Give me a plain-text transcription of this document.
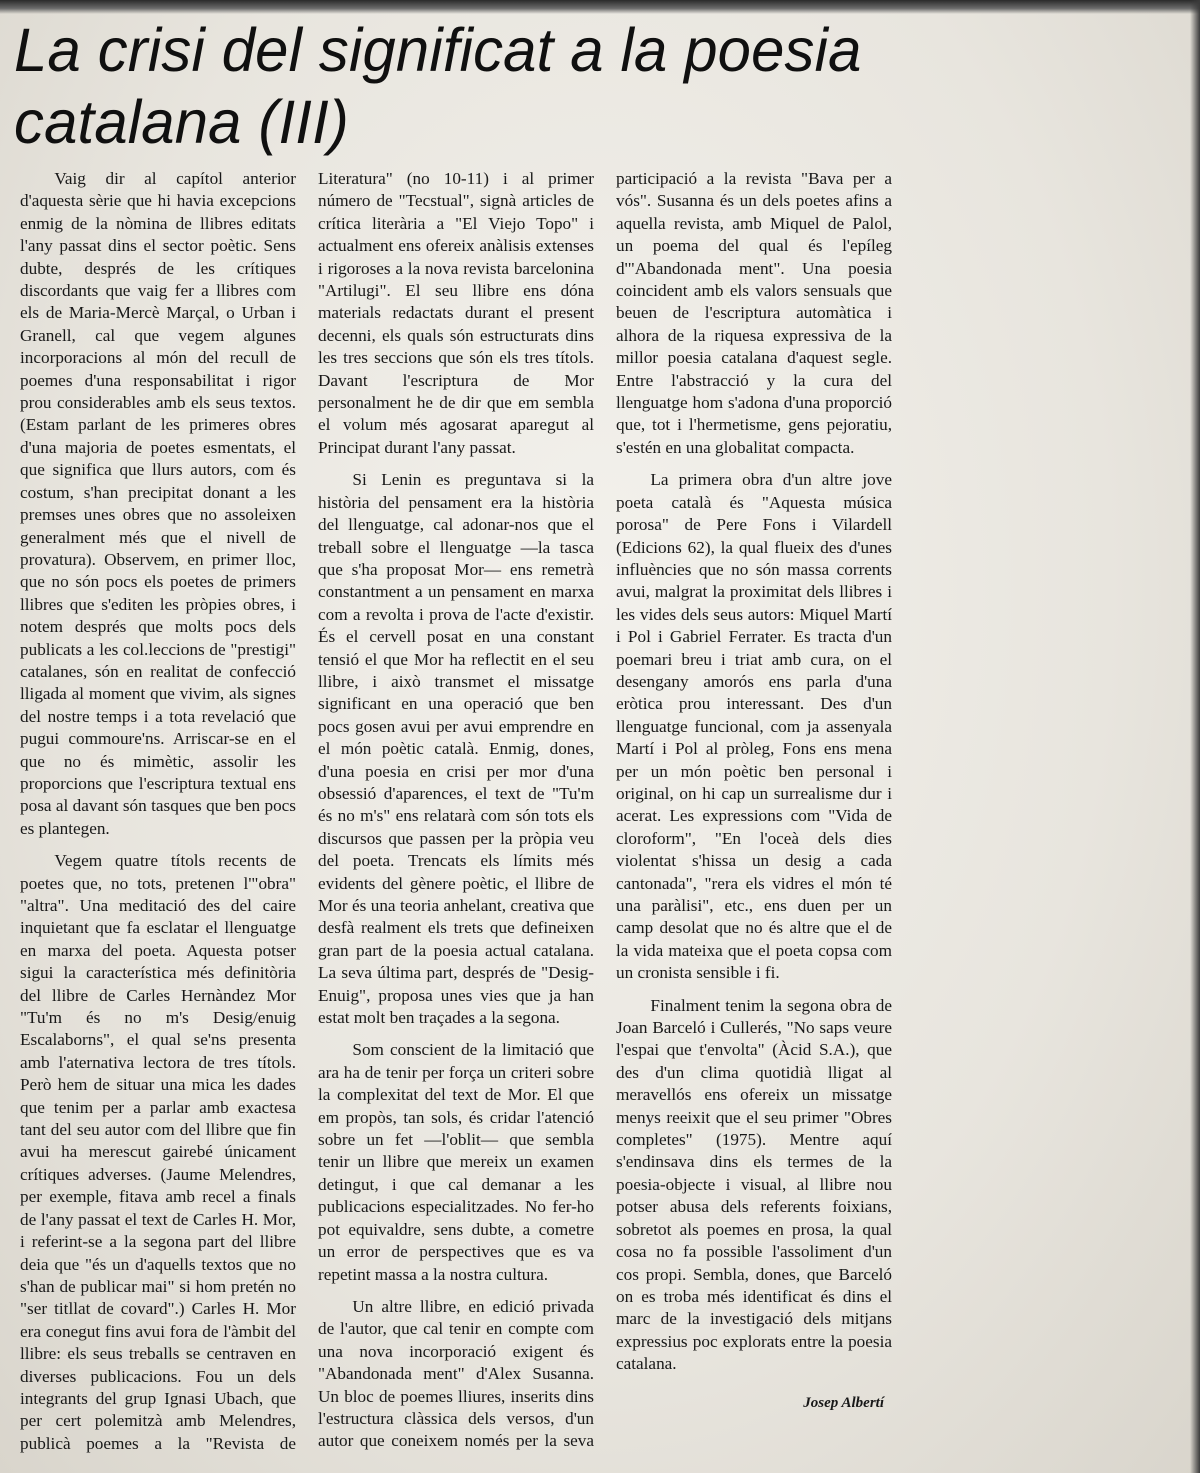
La crisi del significat a la poesia catalana (III)

Vaig dir al capítol anterior d'aquesta sèrie que hi havia excepcions enmig de la nòmina de llibres editats l'any passat dins el sector poètic. Sens dubte, després de les crítiques discordants que vaig fer a llibres com els de Maria-Mercè Marçal, o Urban i Granell, cal que vegem algunes incorporacions al món del recull de poemes d'una responsabilitat i rigor prou considerables amb els seus textos. (Estam parlant de les primeres obres d'una majoria de poetes esmentats, el que significa que llurs autors, com és costum, s'han precipitat donant a les premses unes obres que no assoleixen generalment més que el nivell de provatura). Observem, en primer lloc, que no són pocs els poetes de primers llibres que s'editen les pròpies obres, i notem després que molts pocs dels publicats a les col.leccions de "prestigi" catalanes, són en realitat de confecció lligada al moment que vivim, als signes del nostre temps i a tota revelació que pugui commoure'ns. Arriscar-se en el que no és mimètic, assolir les proporcions que l'escriptura textual ens posa al davant són tasques que ben pocs es plantegen.

Vegem quatre títols recents de poetes que, no tots, pretenen l'"obra" "altra". Una meditació des del caire inquietant que fa esclatar el llenguatge en marxa del poeta. Aquesta potser sigui la característica més definitòria del llibre de Carles Hernàndez Mor "Tu'm és no m's Desig/enuig Escalaborns", el qual se'ns presenta amb l'aternativa lectora de tres títols. Però hem de situar una mica les dades que tenim per a parlar amb exactesa tant del seu autor com del llibre que fin avui ha merescut gairebé únicament crítiques adverses. (Jaume Melendres, per exemple, fitava amb recel a finals de l'any passat el text de Carles H. Mor, i referint-se a la segona part del llibre deia que "és un d'aquells textos que no s'han de publicar mai" si hom pretén no "ser titllat de covard".) Carles H. Mor era conegut fins avui fora de l'àmbit del llibre: els seus treballs se centraven en diverses publicacions. Fou un dels integrants del grup Ignasi Ubach, que per cert polemitzà amb Melendres, publicà poemes a la "Revista de Literatura" (no 10-11) i al primer número de "Tecstual", signà articles de crítica literària a "El Viejo Topo" i actualment ens ofereix anàlisis extenses i rigoroses a la nova revista barcelonina "Artilugi". El seu llibre ens dóna materials redactats durant el present decenni, els quals són estructurats dins les tres seccions que són els tres títols. Davant l'escriptura de Mor personalment he de dir que em sembla el volum més agosarat aparegut al Principat durant l'any passat.

Si Lenin es preguntava si la història del pensament era la història del llenguatge, cal adonar-nos que el treball sobre el llenguatge —la tasca que s'ha proposat Mor— ens remetrà constantment a un pensament en marxa com a revolta i prova de l'acte d'existir. És el cervell posat en una constant tensió el que Mor ha reflectit en el seu llibre, i això transmet el missatge significant en una operació que ben pocs gosen avui per avui emprendre en el món poètic català. Enmig, dones, d'una poesia en crisi per mor d'una obsessió d'aparences, el text de "Tu'm és no m's" ens relatarà com són tots els discursos que passen per la pròpia veu del poeta. Trencats els límits més evidents del gènere poètic, el llibre de Mor és una teoria anhelant, creativa que desfà realment els trets que defineixen gran part de la poesia actual catalana. La seva última part, després de "Desig-Enuig", proposa unes vies que ja han estat molt ben traçades a la segona.

Som conscient de la limitació que ara ha de tenir per força un criteri sobre la complexitat del text de Mor. El que em propòs, tan sols, és cridar l'atenció sobre un fet —l'oblit— que sembla tenir un llibre que mereix un examen detingut, i que cal demanar a les publicacions especialitzades. No fer-ho pot equivaldre, sens dubte, a cometre un error de perspectives que es va repetint massa a la nostra cultura.

Un altre llibre, en edició privada de l'autor, que cal tenir en compte com una nova incorporació exigent és "Abandonada ment" d'Alex Susanna. Un bloc de poemes lliures, inserits dins l'estructura clàssica dels versos, d'un autor que coneixem només per la seva participació a la revista "Bava per a vós". Susanna és un dels poetes afins a aquella revista, amb Miquel de Palol, un poema del qual és l'epíleg d'"Abandonada ment". Una poesia coincident amb els valors sensuals que beuen de l'escriptura automàtica i alhora de la riquesa expressiva de la millor poesia catalana d'aquest segle. Entre l'abstracció y la cura del llenguatge hom s'adona d'una proporció que, tot i l'hermetisme, gens pejoratiu, s'estén en una globalitat compacta.

La primera obra d'un altre jove poeta català és "Aquesta música porosa" de Pere Fons i Vilardell (Edicions 62), la qual flueix des d'unes influències que no són massa corrents avui, malgrat la proximitat dels llibres i les vides dels seus autors: Miquel Martí i Pol i Gabriel Ferrater. Es tracta d'un poemari breu i triat amb cura, on el desengany amorós ens parla d'una eròtica prou interessant. Des d'un llenguatge funcional, com ja assenyala Martí i Pol al pròleg, Fons ens mena per un món poètic ben personal i original, on hi cap un surrealisme dur i acerat. Les expressions com "Vida de cloroform", "En l'oceà dels dies violentat s'hissa un desig a cada cantonada", "rera els vidres el món té una paràlisi", etc., ens duen per un camp desolat que no és altre que el de la vida mateixa que el poeta copsa com un cronista sensible i fi.

Finalment tenim la segona obra de Joan Barceló i Cullerés, "No saps veure l'espai que t'envolta" (Àcid S.A.), que des d'un clima quotidià lligat al meravellós ens ofereix un missatge menys reeixit que el seu primer "Obres completes" (1975). Mentre aquí s'endinsava dins els termes de la poesia-objecte i visual, al llibre nou potser abusa dels referents foixians, sobretot als poemes en prosa, la qual cosa no fa possible l'assoliment d'un cos propi. Sembla, dones, que Barceló on es troba més identificat és dins el marc de la investigació dels mitjans expressius poc explorats entre la poesia catalana.

Josep Albertí
